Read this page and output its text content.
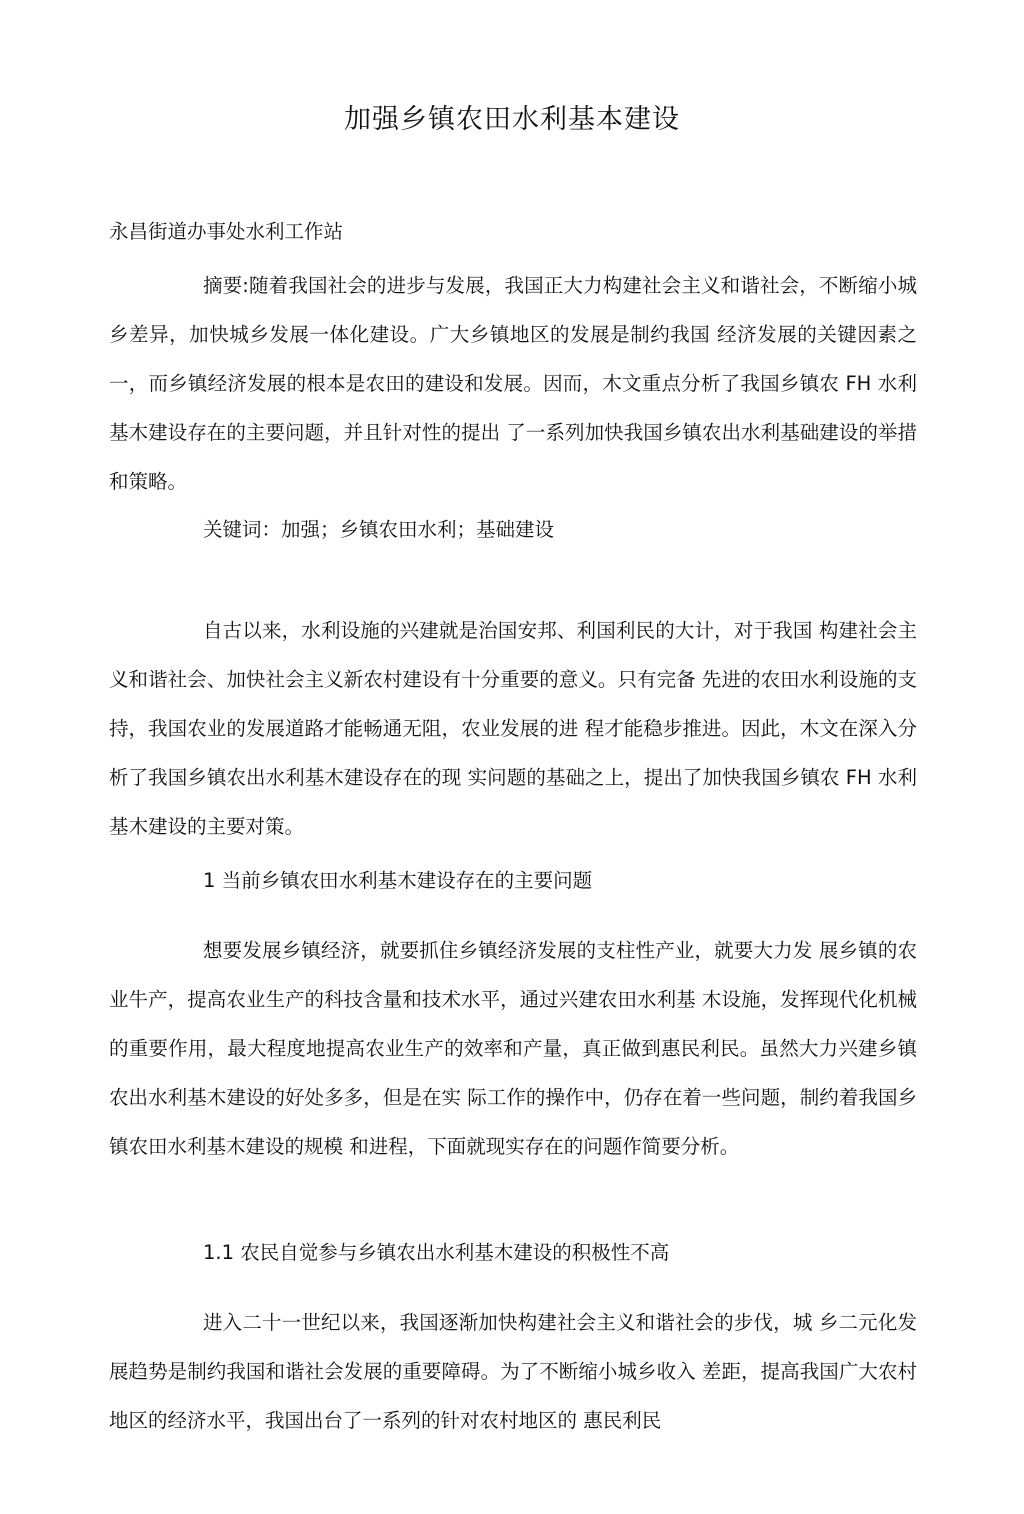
加强乡镇农田水利基本建设
永昌街道办事处水利工作站

摘要:随着我国社会的进步与发展，我国正大力构建社会主义和谐社会，不断缩小城乡差异，加快城乡发展一体化建设。广大乡镇地区的发展是制约我国 经济发展的关键因素之一，而乡镇经济发展的根本是农田的建设和发展。因而，木文重点分析了我国乡镇农 FH 水利基木建设存在的主要问题，并且针对性的提出 了一系列加快我国乡镇农出水利基础建设的举措和策略。

关键词：加强；乡镇农田水利；基础建设

自古以来，水利设施的兴建就是治国安邦、利国利民的大计，对于我国 构建社会主义和谐社会、加快社会主义新农村建设有十分重要的意义。只有完备 先进的农田水利设施的支持，我国农业的发展道路才能畅通无阻，农业发展的进 程才能稳步推进。因此，木文在深入分析了我国乡镇农出水利基木建设存在的现 实问题的基础之上，提出了加快我国乡镇农 FH 水利基木建设的主要对策。

1 当前乡镇农田水利基木建设存在的主要问题

想要发展乡镇经济，就要抓住乡镇经济发展的支柱性产业，就要大力发 展乡镇的农业牛产，提高农业生产的科技含量和技术水平，通过兴建农田水利基 木设施，发挥现代化机械的重要作用，最大程度地提高农业生产的效率和产量，真正做到惠民利民。虽然大力兴建乡镇农出水利基木建设的好处多多，但是在实 际工作的操作中，仍存在着一些问题，制约着我国乡镇农田水利基木建设的规模 和进程，下面就现实存在的问题作简要分析。

1.1 农民自觉参与乡镇农出水利基木建设的积极性不高

进入二十一世纪以来，我国逐渐加快构建社会主义和谐社会的步伐，城 乡二元化发展趋势是制约我国和谐社会发展的重要障碍。为了不断缩小城乡收入 差距，提高我国广大农村地区的经济水平，我国出台了一系列的针对农村地区的 惠民利民
